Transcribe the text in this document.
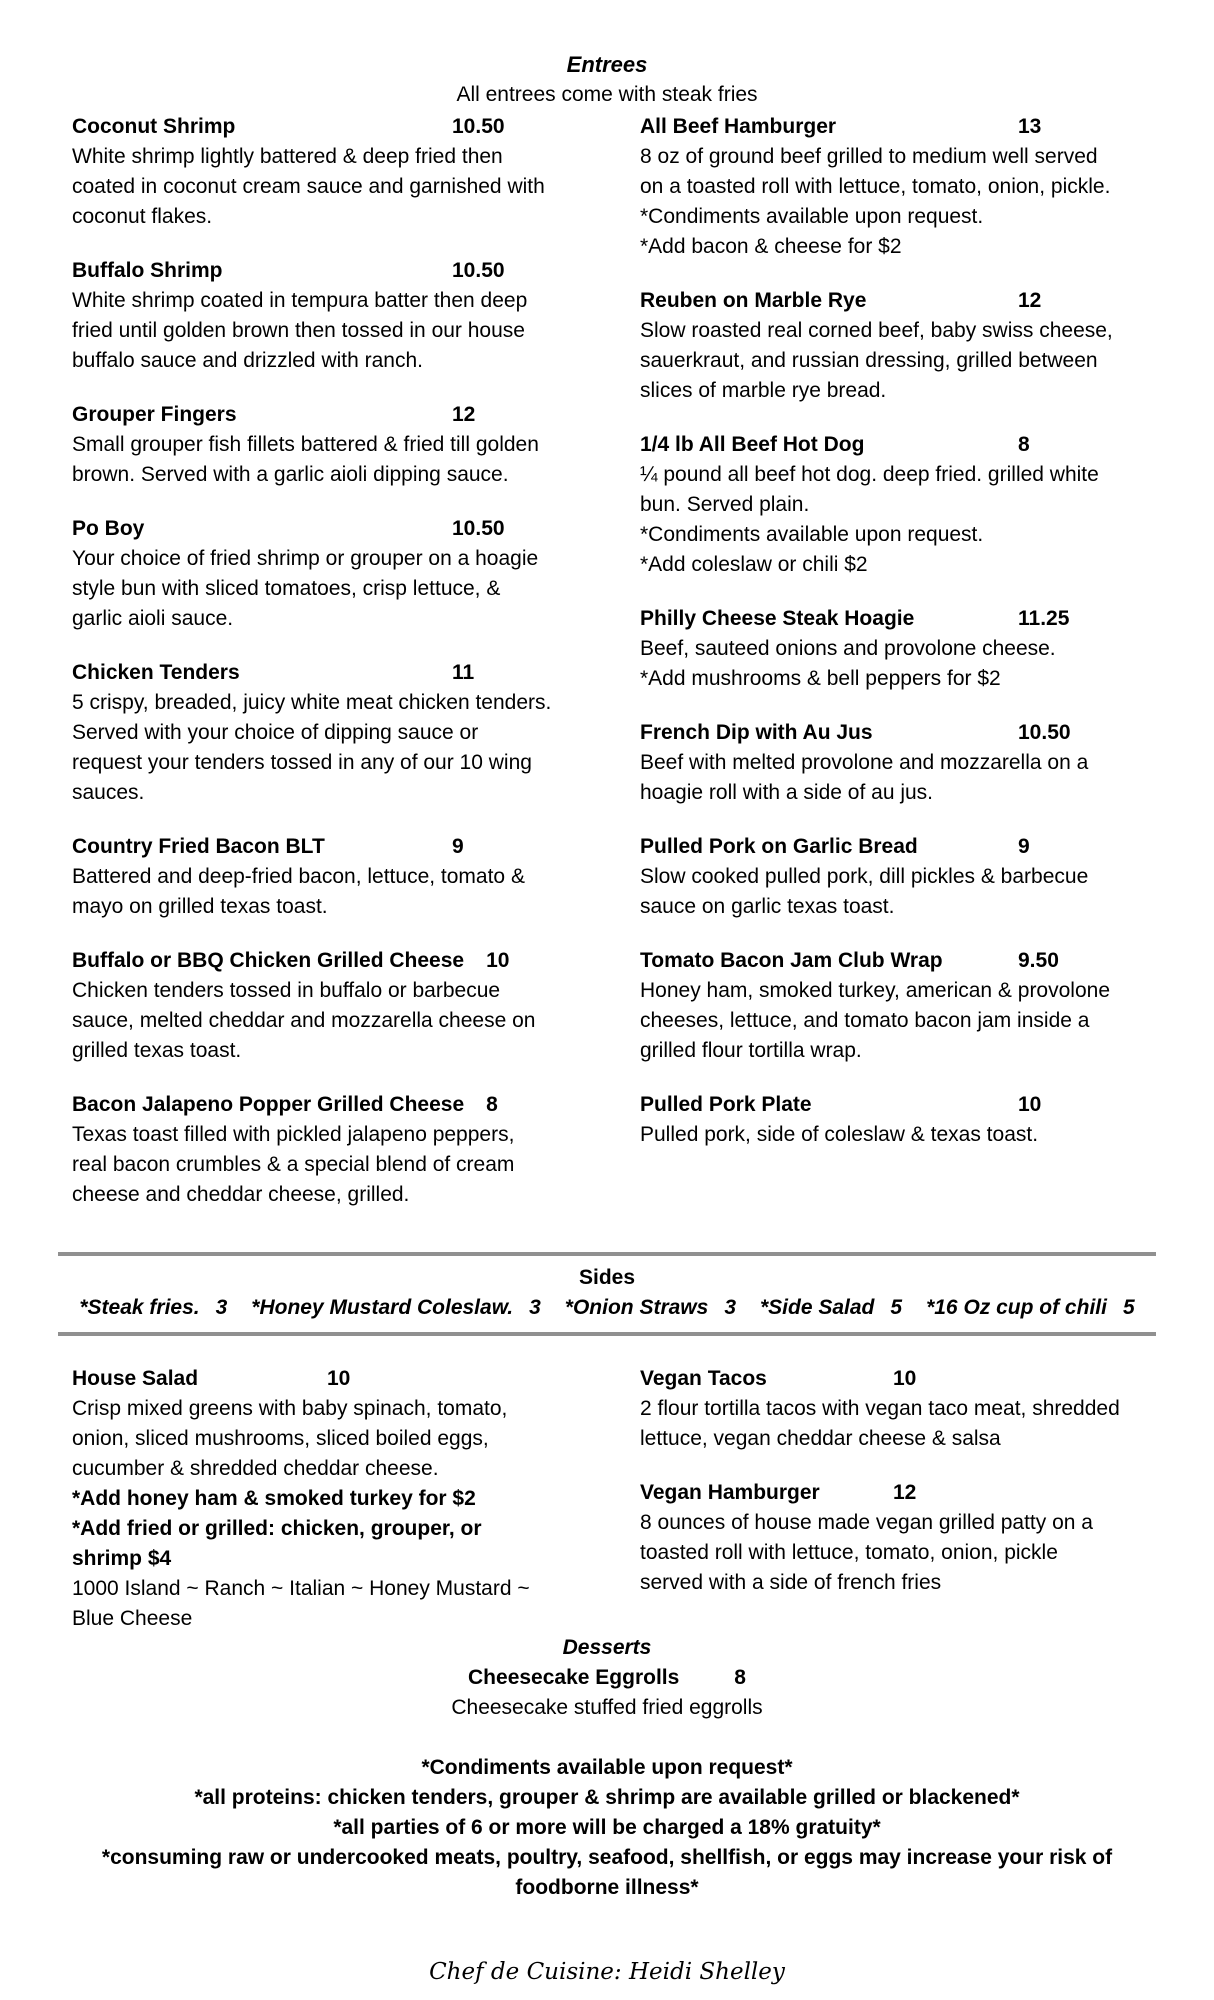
Entrees
All entrees come with steak fries
Coconut Shrimp	10.50
White shrimp lightly battered & deep fried then
coated in coconut cream sauce and garnished with
coconut flakes.
Buffalo Shrimp	10.50
White shrimp coated in tempura batter then deep
fried until golden brown then tossed in our house
buffalo sauce and drizzled with ranch.
Grouper Fingers	12
Small grouper fish fillets battered & fried till golden
brown. Served with a garlic aioli dipping sauce.
Po Boy	10.50
Your choice of fried shrimp or grouper on a hoagie
style bun with sliced tomatoes, crisp lettuce, &
garlic aioli sauce.
Chicken Tenders	11
5 crispy, breaded, juicy white meat chicken tenders.
Served with your choice of dipping sauce or
request your tenders tossed in any of our 10 wing
sauces.
Country Fried Bacon BLT	9
Battered and deep-fried bacon, lettuce, tomato &
mayo on grilled texas toast.
Buffalo or BBQ Chicken Grilled Cheese 10
Chicken tenders tossed in buffalo or barbecue
sauce, melted cheddar and mozzarella cheese on
grilled texas toast.
Bacon Jalapeno Popper Grilled Cheese 8
Texas toast filled with pickled jalapeno peppers,
real bacon crumbles & a special blend of cream
cheese and cheddar cheese, grilled.
All Beef Hamburger	13
8 oz of ground beef grilled to medium well served
on a toasted roll with lettuce, tomato, onion, pickle.
*Condiments available upon request.
*Add bacon & cheese for $2
Reuben on Marble Rye	12
Slow roasted real corned beef, baby swiss cheese,
sauerkraut, and russian dressing, grilled between
slices of marble rye bread.
1/4 lb All Beef Hot Dog	8
¼ pound all beef hot dog. deep fried. grilled white
bun. Served plain.
*Condiments available upon request.
*Add coleslaw or chili $2
Philly Cheese Steak Hoagie	11.25
Beef, sauteed onions and provolone cheese.
*Add mushrooms & bell peppers for $2
French Dip with Au Jus	10.50
Beef with melted provolone and mozzarella on a
hoagie roll with a side of au jus.
Pulled Pork on Garlic Bread	9
Slow cooked pulled pork, dill pickles & barbecue
sauce on garlic texas toast.
Tomato Bacon Jam Club Wrap	9.50
Honey ham, smoked turkey, american & provolone
cheeses, lettuce, and tomato bacon jam inside a
grilled flour tortilla wrap.
Pulled Pork Plate	10
Pulled pork, side of coleslaw & texas toast.
Sides
*Steak fries. 3 *Honey Mustard Coleslaw. 3 *Onion Straws 3 *Side Salad 5 *16 Oz cup of chili 5
House Salad	10
Crisp mixed greens with baby spinach, tomato,
onion, sliced mushrooms, sliced boiled eggs,
cucumber & shredded cheddar cheese.
*Add honey ham & smoked turkey for $2
*Add fried or grilled: chicken, grouper, or
shrimp $4
1000 Island ~ Ranch ~ Italian ~ Honey Mustard ~
Blue Cheese
Vegan Tacos	10
2 flour tortilla tacos with vegan taco meat, shredded
lettuce, vegan cheddar cheese & salsa
Vegan Hamburger	12
8 ounces of house made vegan grilled patty on a
toasted roll with lettuce, tomato, onion, pickle
served with a side of french fries
Desserts
Cheesecake Eggrolls	8
Cheesecake stuffed fried eggrolls
*Condiments available upon request*
*all proteins: chicken tenders, grouper & shrimp are available grilled or blackened*
*all parties of 6 or more will be charged a 18% gratuity*
*consuming raw or undercooked meats, poultry, seafood, shellfish, or eggs may increase your risk of foodborne illness*
Chef de Cuisine: Heidi Shelley
